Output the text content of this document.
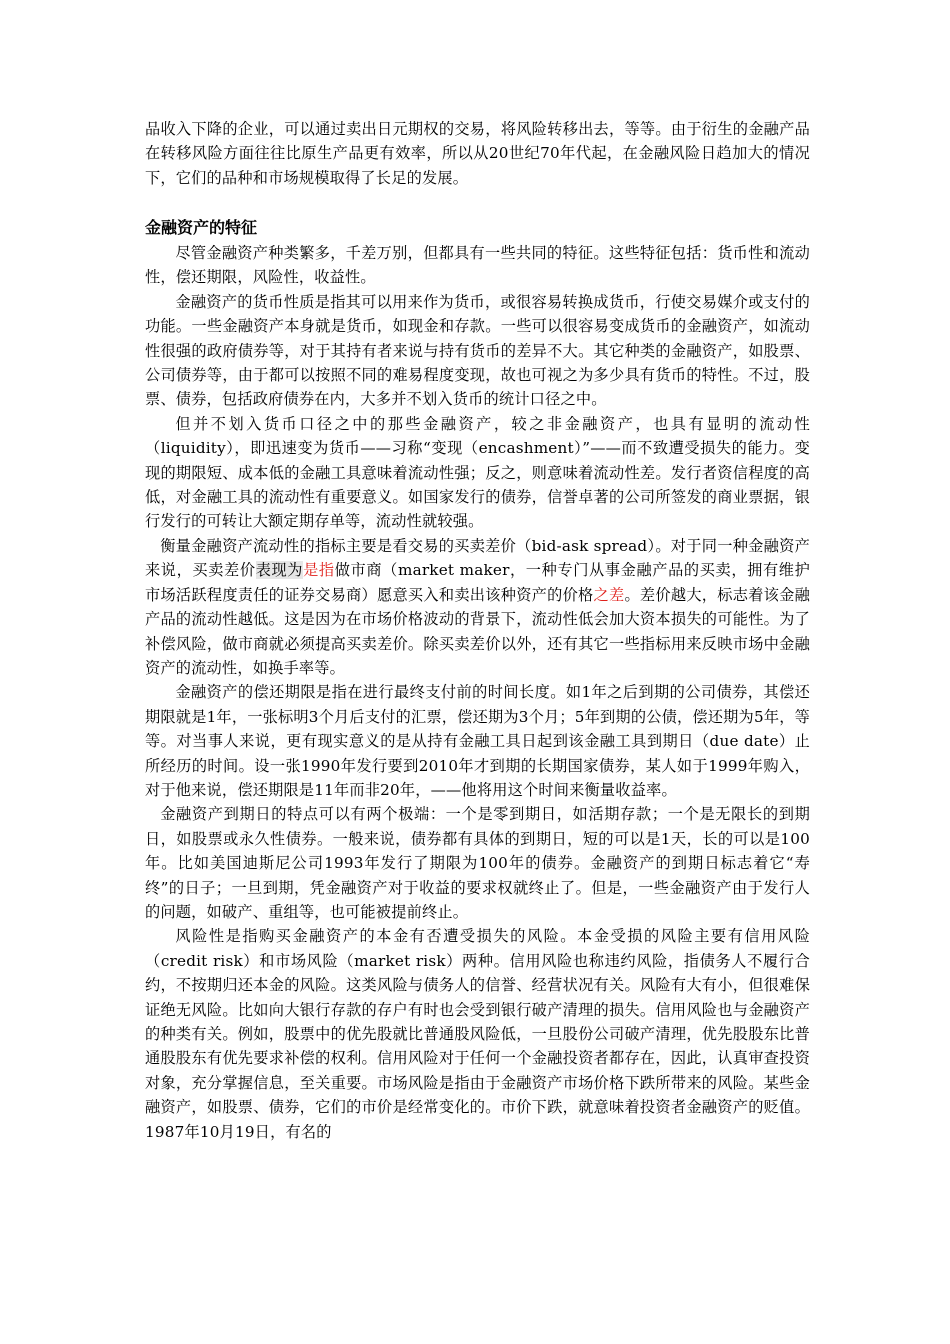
品收入下降的企业，可以通过卖出日元期权的交易，将风险转移出去，等等。由于衍生的金融产品在转移风险方面往往比原生产品更有效率，所以从20世纪70年代起，在金融风险日趋加大的情况下，它们的品种和市场规模取得了长足的发展。

金融资产的特征

尽管金融资产种类繁多，千差万别，但都具有一些共同的特征。这些特征包括：货币性和流动性，偿还期限，风险性，收益性。

金融资产的货币性质是指其可以用来作为货币，或很容易转换成货币，行使交易媒介或支付的功能。一些金融资产本身就是货币，如现金和存款。一些可以很容易变成货币的金融资产，如流动性很强的政府债券等，对于其持有者来说与持有货币的差异不大。其它种类的金融资产，如股票、公司债券等，由于都可以按照不同的难易程度变现，故也可视之为多少具有货币的特性。不过，股票、债券，包括政府债券在内，大多并不划入货币的统计口径之中。

但并不划入货币口径之中的那些金融资产，较之非金融资产，也具有显明的流动性（liquidity），即迅速变为货币——习称“变现（encashment）”——而不致遭受损失的能力。变现的期限短、成本低的金融工具意味着流动性强；反之，则意味着流动性差。发行者资信程度的高低，对金融工具的流动性有重要意义。如国家发行的债券，信誉卓著的公司所签发的商业票据，银行发行的可转让大额定期存单等，流动性就较强。

衡量金融资产流动性的指标主要是看交易的买卖差价（bid-ask spread）。对于同一种金融资产来说，买卖差价表现为是指做市商（market maker，一种专门从事金融产品的买卖，拥有维护市场活跃程度责任的证券交易商）愿意买入和卖出该种资产的价格之差。差价越大，标志着该金融产品的流动性越低。这是因为在市场价格波动的背景下，流动性低会加大资本损失的可能性。为了补偿风险，做市商就必须提高买卖差价。除买卖差价以外，还有其它一些指标用来反映市场中金融资产的流动性，如换手率等。

金融资产的偿还期限是指在进行最终支付前的时间长度。如1年之后到期的公司债券，其偿还期限就是1年，一张标明3个月后支付的汇票，偿还期为3个月；5年到期的公债，偿还期为5年，等等。对当事人来说，更有现实意义的是从持有金融工具日起到该金融工具到期日（due date）止所经历的时间。设一张1990年发行要到2010年才到期的长期国家债券，某人如于1999年购入，对于他来说，偿还期限是11年而非20年，——他将用这个时间来衡量收益率。

金融资产到期日的特点可以有两个极端：一个是零到期日，如活期存款；一个是无限长的到期日，如股票或永久性债券。一般来说，债券都有具体的到期日，短的可以是1天，长的可以是100年。比如美国迪斯尼公司1993年发行了期限为100年的债券。金融资产的到期日标志着它“寿终”的日子；一旦到期，凭金融资产对于收益的要求权就终止了。但是，一些金融资产由于发行人的问题，如破产、重组等，也可能被提前终止。

风险性是指购买金融资产的本金有否遭受损失的风险。本金受损的风险主要有信用风险（credit risk）和市场风险（market risk）两种。信用风险也称违约风险，指债务人不履行合约，不按期归还本金的风险。这类风险与债务人的信誉、经营状况有关。风险有大有小，但很难保证绝无风险。比如向大银行存款的存户有时也会受到银行破产清理的损失。信用风险也与金融资产的种类有关。例如，股票中的优先股就比普通股风险低，一旦股份公司破产清理，优先股股东比普通股股东有优先要求补偿的权利。信用风险对于任何一个金融投资者都存在，因此，认真审查投资对象，充分掌握信息，至关重要。市场风险是指由于金融资产市场价格下跌所带来的风险。某些金融资产，如股票、债券，它们的市价是经常变化的。市价下跌，就意味着投资者金融资产的贬值。1987年10月19日，有名的
